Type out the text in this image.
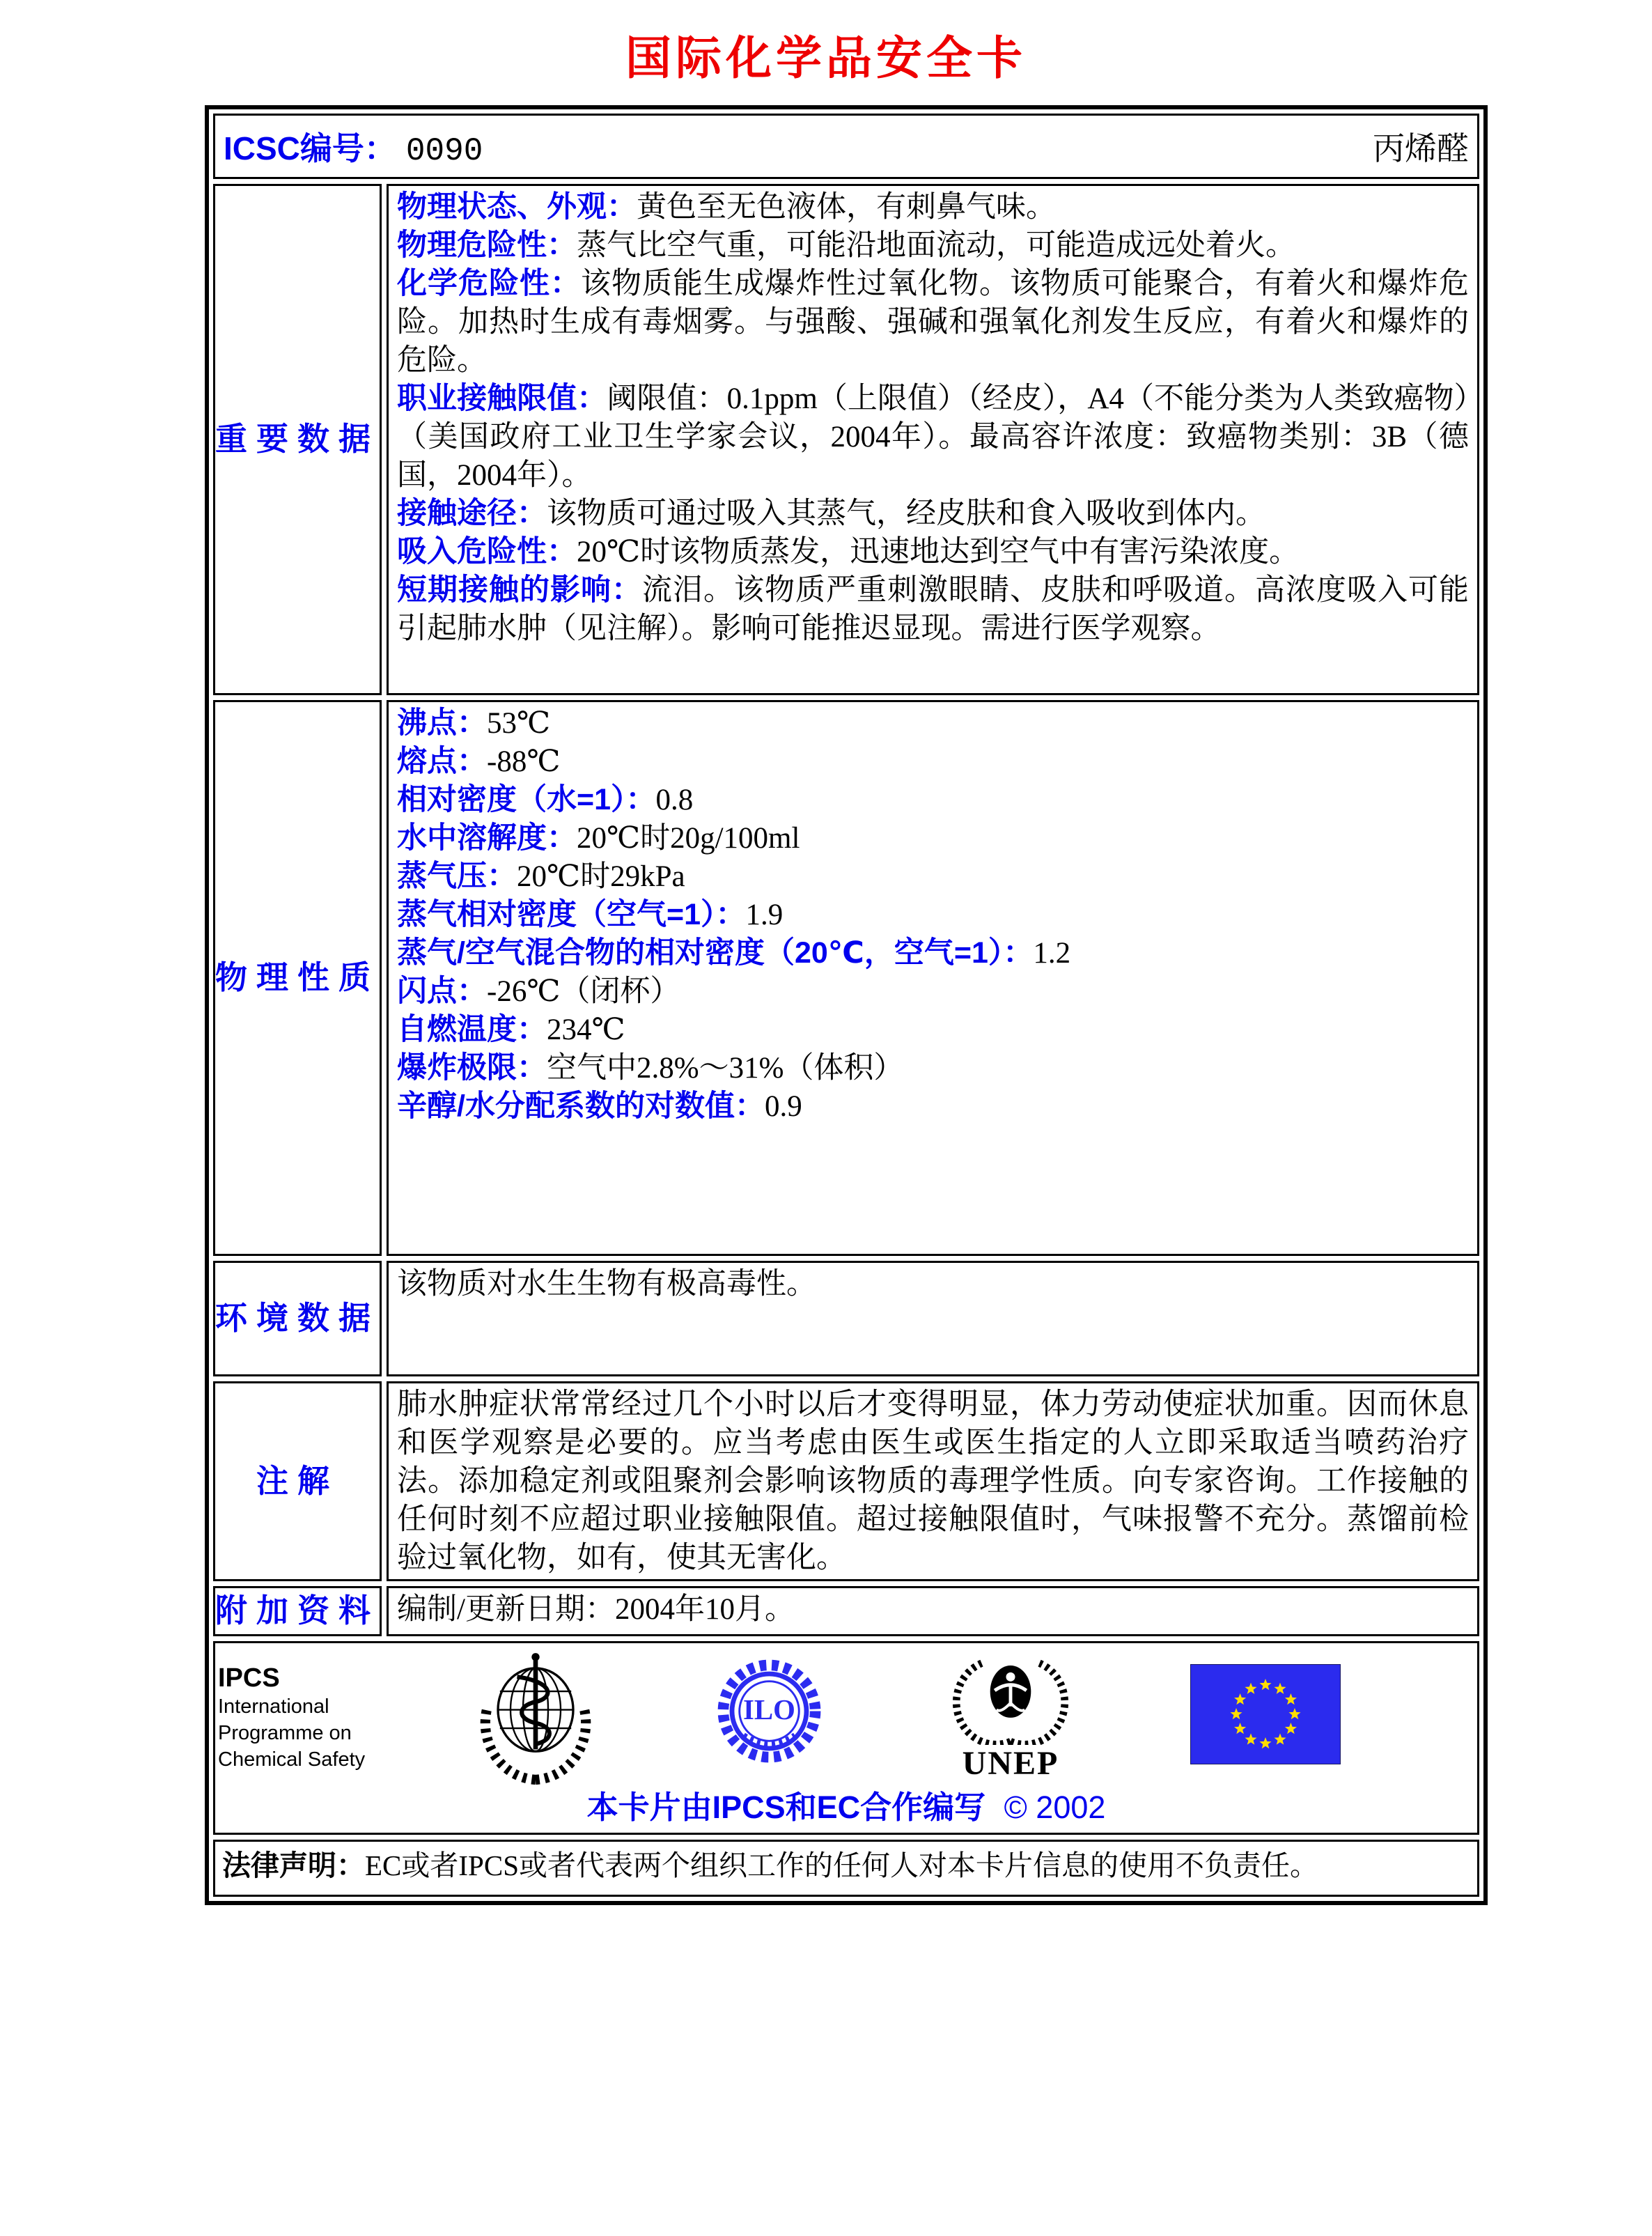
国际化学品安全卡
ICSC编号： 0090	丙烯醛
重要数据

物理状态、外观：黄色至无色液体，有刺鼻气味。

物理危险性：蒸气比空气重，可能沿地面流动，可能造成远处着火。

化学危险性：该物质能生成爆炸性过氧化物。该物质可能聚合，有着火和爆炸危险。加热时生成有毒烟雾。与强酸、强碱和强氧化剂发生反应，有着火和爆炸的危险。

职业接触限值：阈限值：0.1ppm（上限值）（经皮），A4（不能分类为人类致癌物）（美国政府工业卫生学家会议，2004年）。最高容许浓度：致癌物类别：3B（德国，2004年）。

接触途径：该物质可通过吸入其蒸气，经皮肤和食入吸收到体内。

吸入危险性：20℃时该物质蒸发，迅速地达到空气中有害污染浓度。

短期接触的影响：流泪。该物质严重刺激眼睛、皮肤和呼吸道。高浓度吸入可能引起肺水肿（见注解）。影响可能推迟显现。需进行医学观察。

物理性质
沸点：53℃
熔点：-88℃
相对密度（水=1）：0.8
水中溶解度：20℃时20g/100ml
蒸气压：20℃时29kPa
蒸气相对密度（空气=1）：1.9
蒸气/空气混合物的相对密度（20℃，空气=1）：1.2
闪点：-26℃（闭杯）
自燃温度：234℃
爆炸极限：空气中2.8%～31%（体积）
辛醇/水分配系数的对数值：0.9
环境数据

该物质对水生生物有极高毒性。

注解

肺水肿症状常常经过几个小时以后才变得明显，体力劳动使症状加重。因而休息和医学观察是必要的。应当考虑由医生或医生指定的人立即采取适当喷药治疗法。添加稳定剂或阻聚剂会影响该物质的毒理学性质。向专家咨询。工作接触的任何时刻不应超过职业接触限值。超过接触限值时，气味报警不充分。蒸馏前检验过氧化物，如有，使其无害化。

附加资料 编制/更新日期：2004年10月。

IPCS
International
Programme on
Chemical Safety
ILO
UNEP
本卡片由IPCS和EC合作编写 © 2002
法律声明： EC或者IPCS或者代表两个组织工作的任何人对本卡片信息的使用不负责任。
